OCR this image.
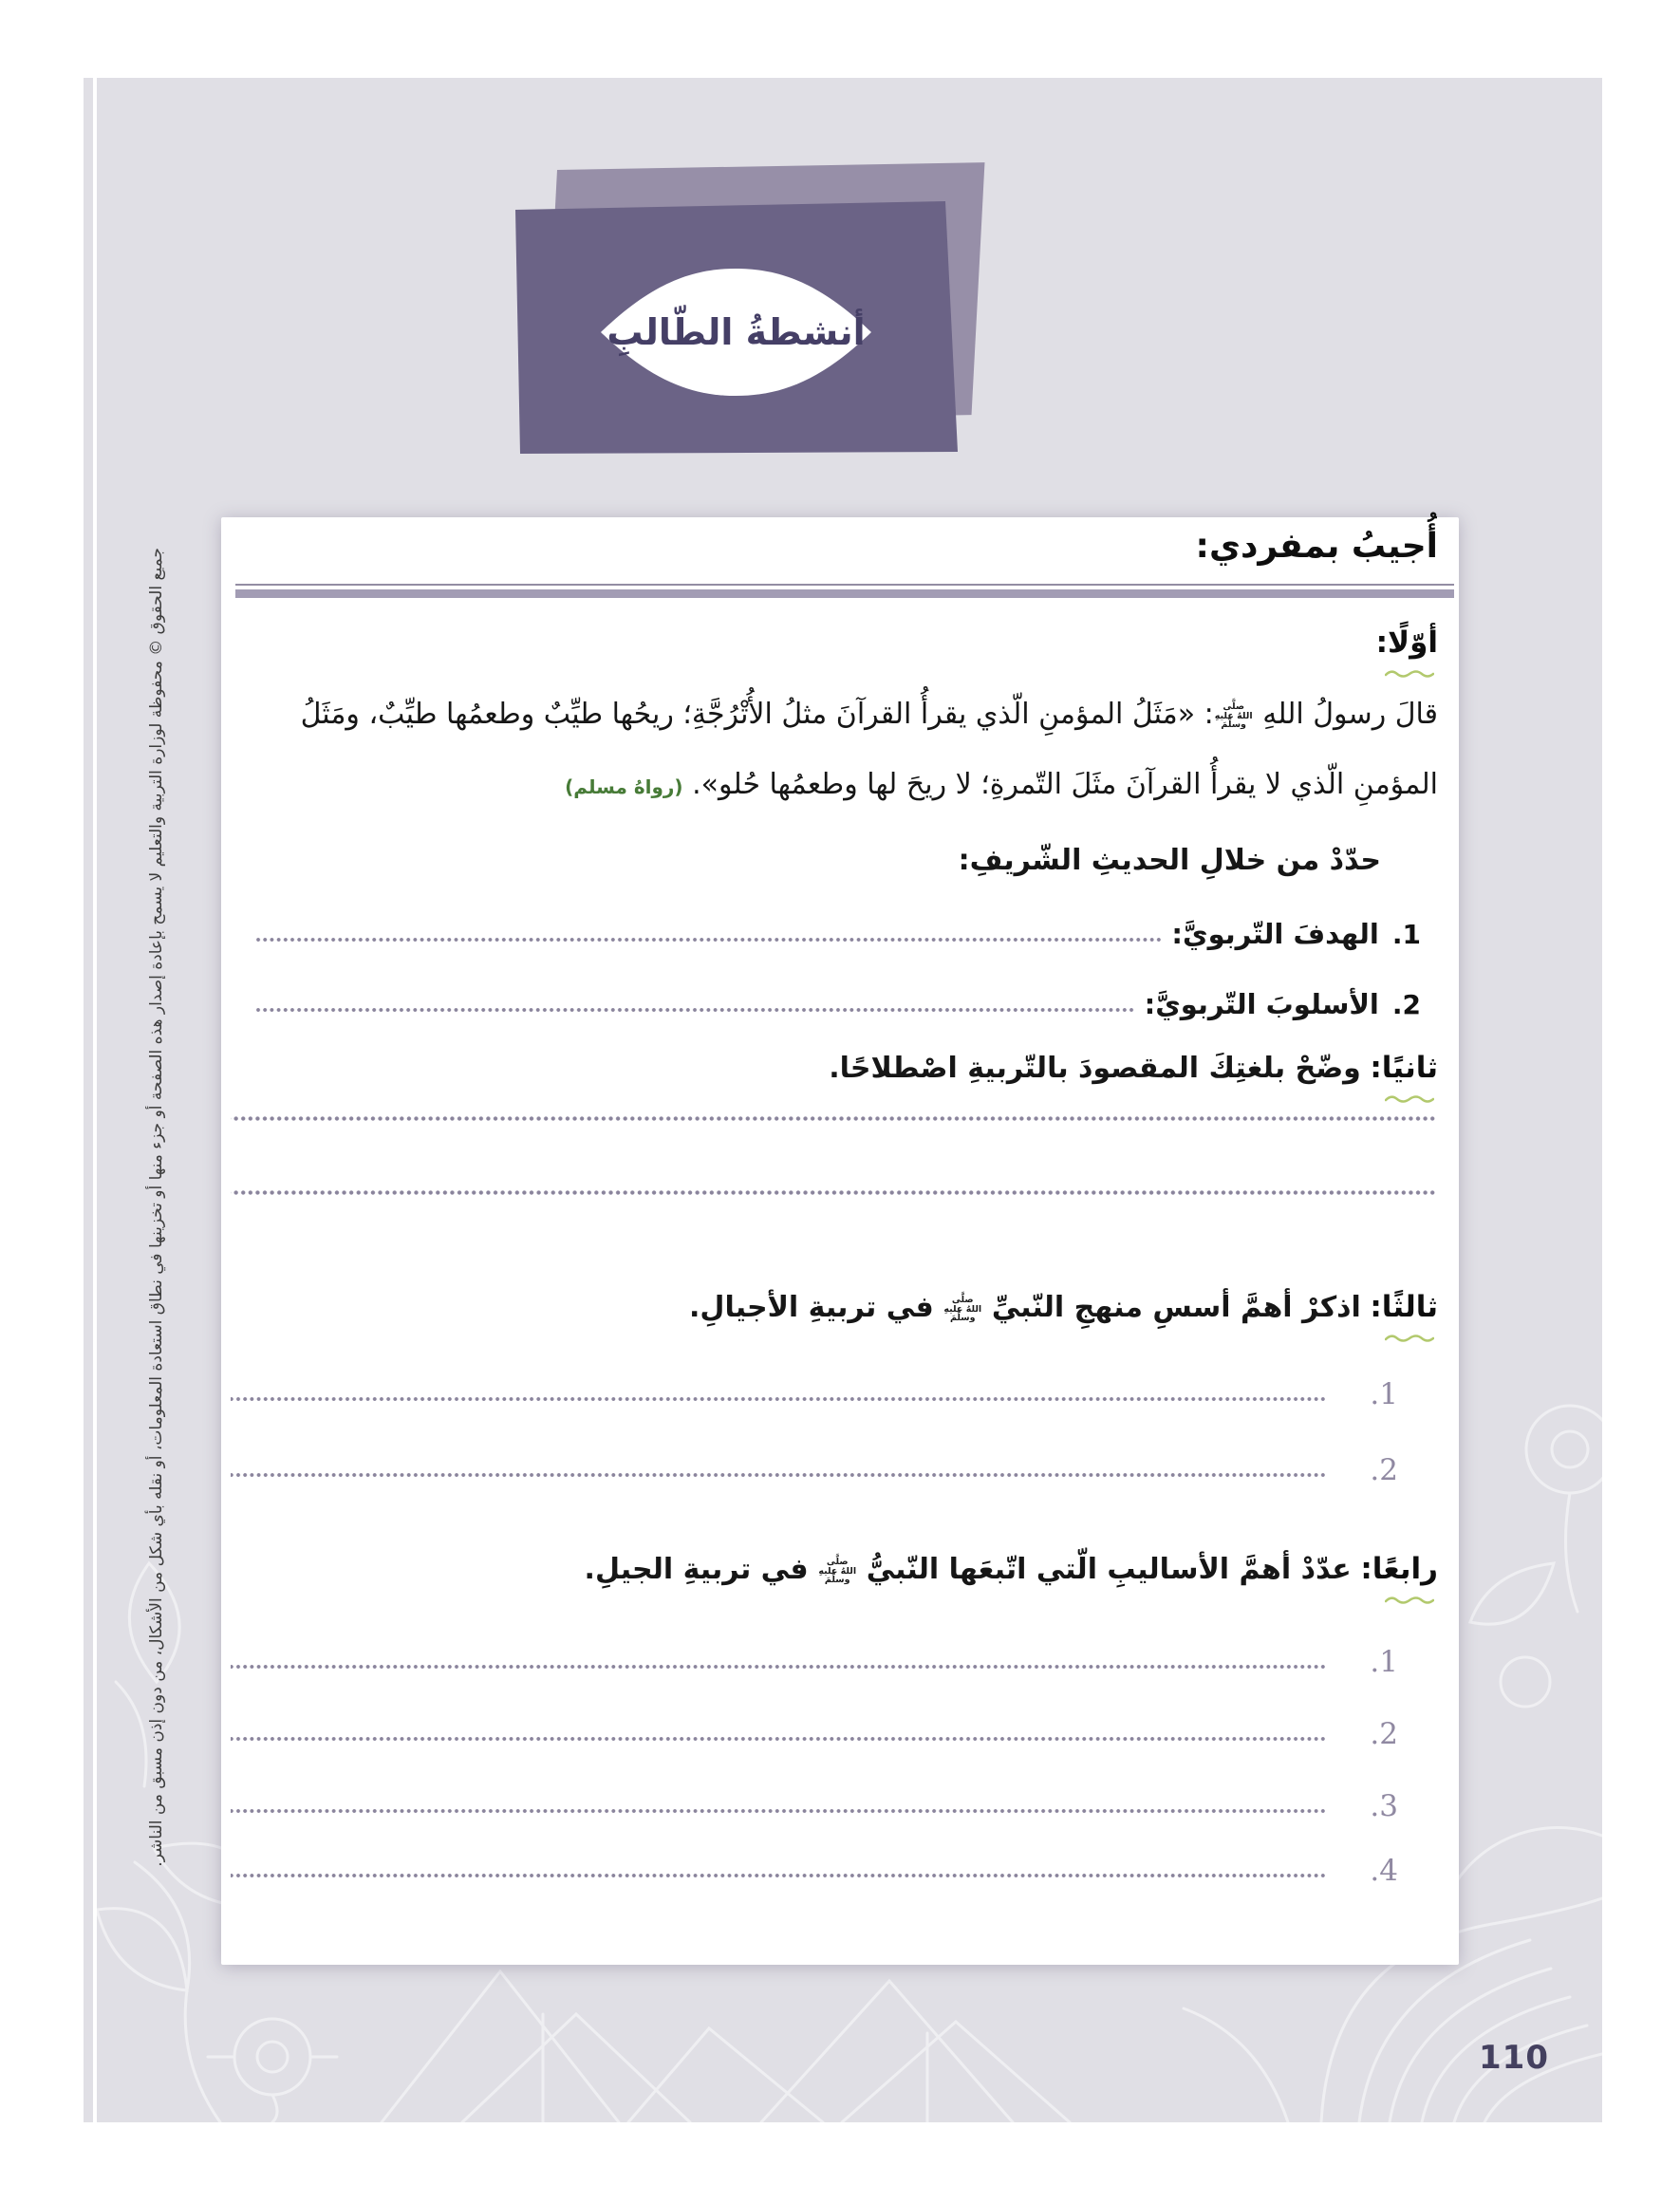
أنشطةُ الطّالبِ
جميع الحقوق © محفوظة لوزارة التربية والتعليم لا يسمح بإعادة إصدار هذه الصفحة أو جزء منها أو تخزينها في نطاق استعادة المعلومات، أو نقله بأي شكل من الأشكال، من دون إذن مسبق من الناشر.
أُجيبُ بمفردي:
أوّلًا:
قالَ رسولُ اللهِ صلَّى اللهُ عليهِ وسلَّمَ: «مَثَلُ المؤمنِ الّذي يقرأُ القرآنَ مثلُ الأُتْرُجَّةِ؛ ريحُها طيِّبٌ وطعمُها طيِّبٌ، ومَثَلُ
المؤمنِ الّذي لا يقرأُ القرآنَ مثَلَ التّمرةِ؛ لا ريحَ لها وطعمُها حُلو». (رواهُ مسلم)
حدّدْ من خلالِ الحديثِ الشّريفِ:
1.
الهدفَ التّربويَّ:
2.
الأسلوبَ التّربويَّ:
ثانيًا:
وضّحْ بلغتِكَ المقصودَ بالتّربيةِ اصْطلاحًا.
ثالثًا:
اذكرْ أهمَّ أسسِ منهجِ النّبيِّ صلَّى اللهُ عليهِ وسلَّمَ في تربيةِ الأجيالِ.
1.
2.
رابعًا:
عدّدْ أهمَّ الأساليبِ الّتي اتّبعَها النّبيُّ صلَّى اللهُ عليهِ وسلَّمَ في تربيةِ الجيلِ.
1.
2.
3.
4.
110
